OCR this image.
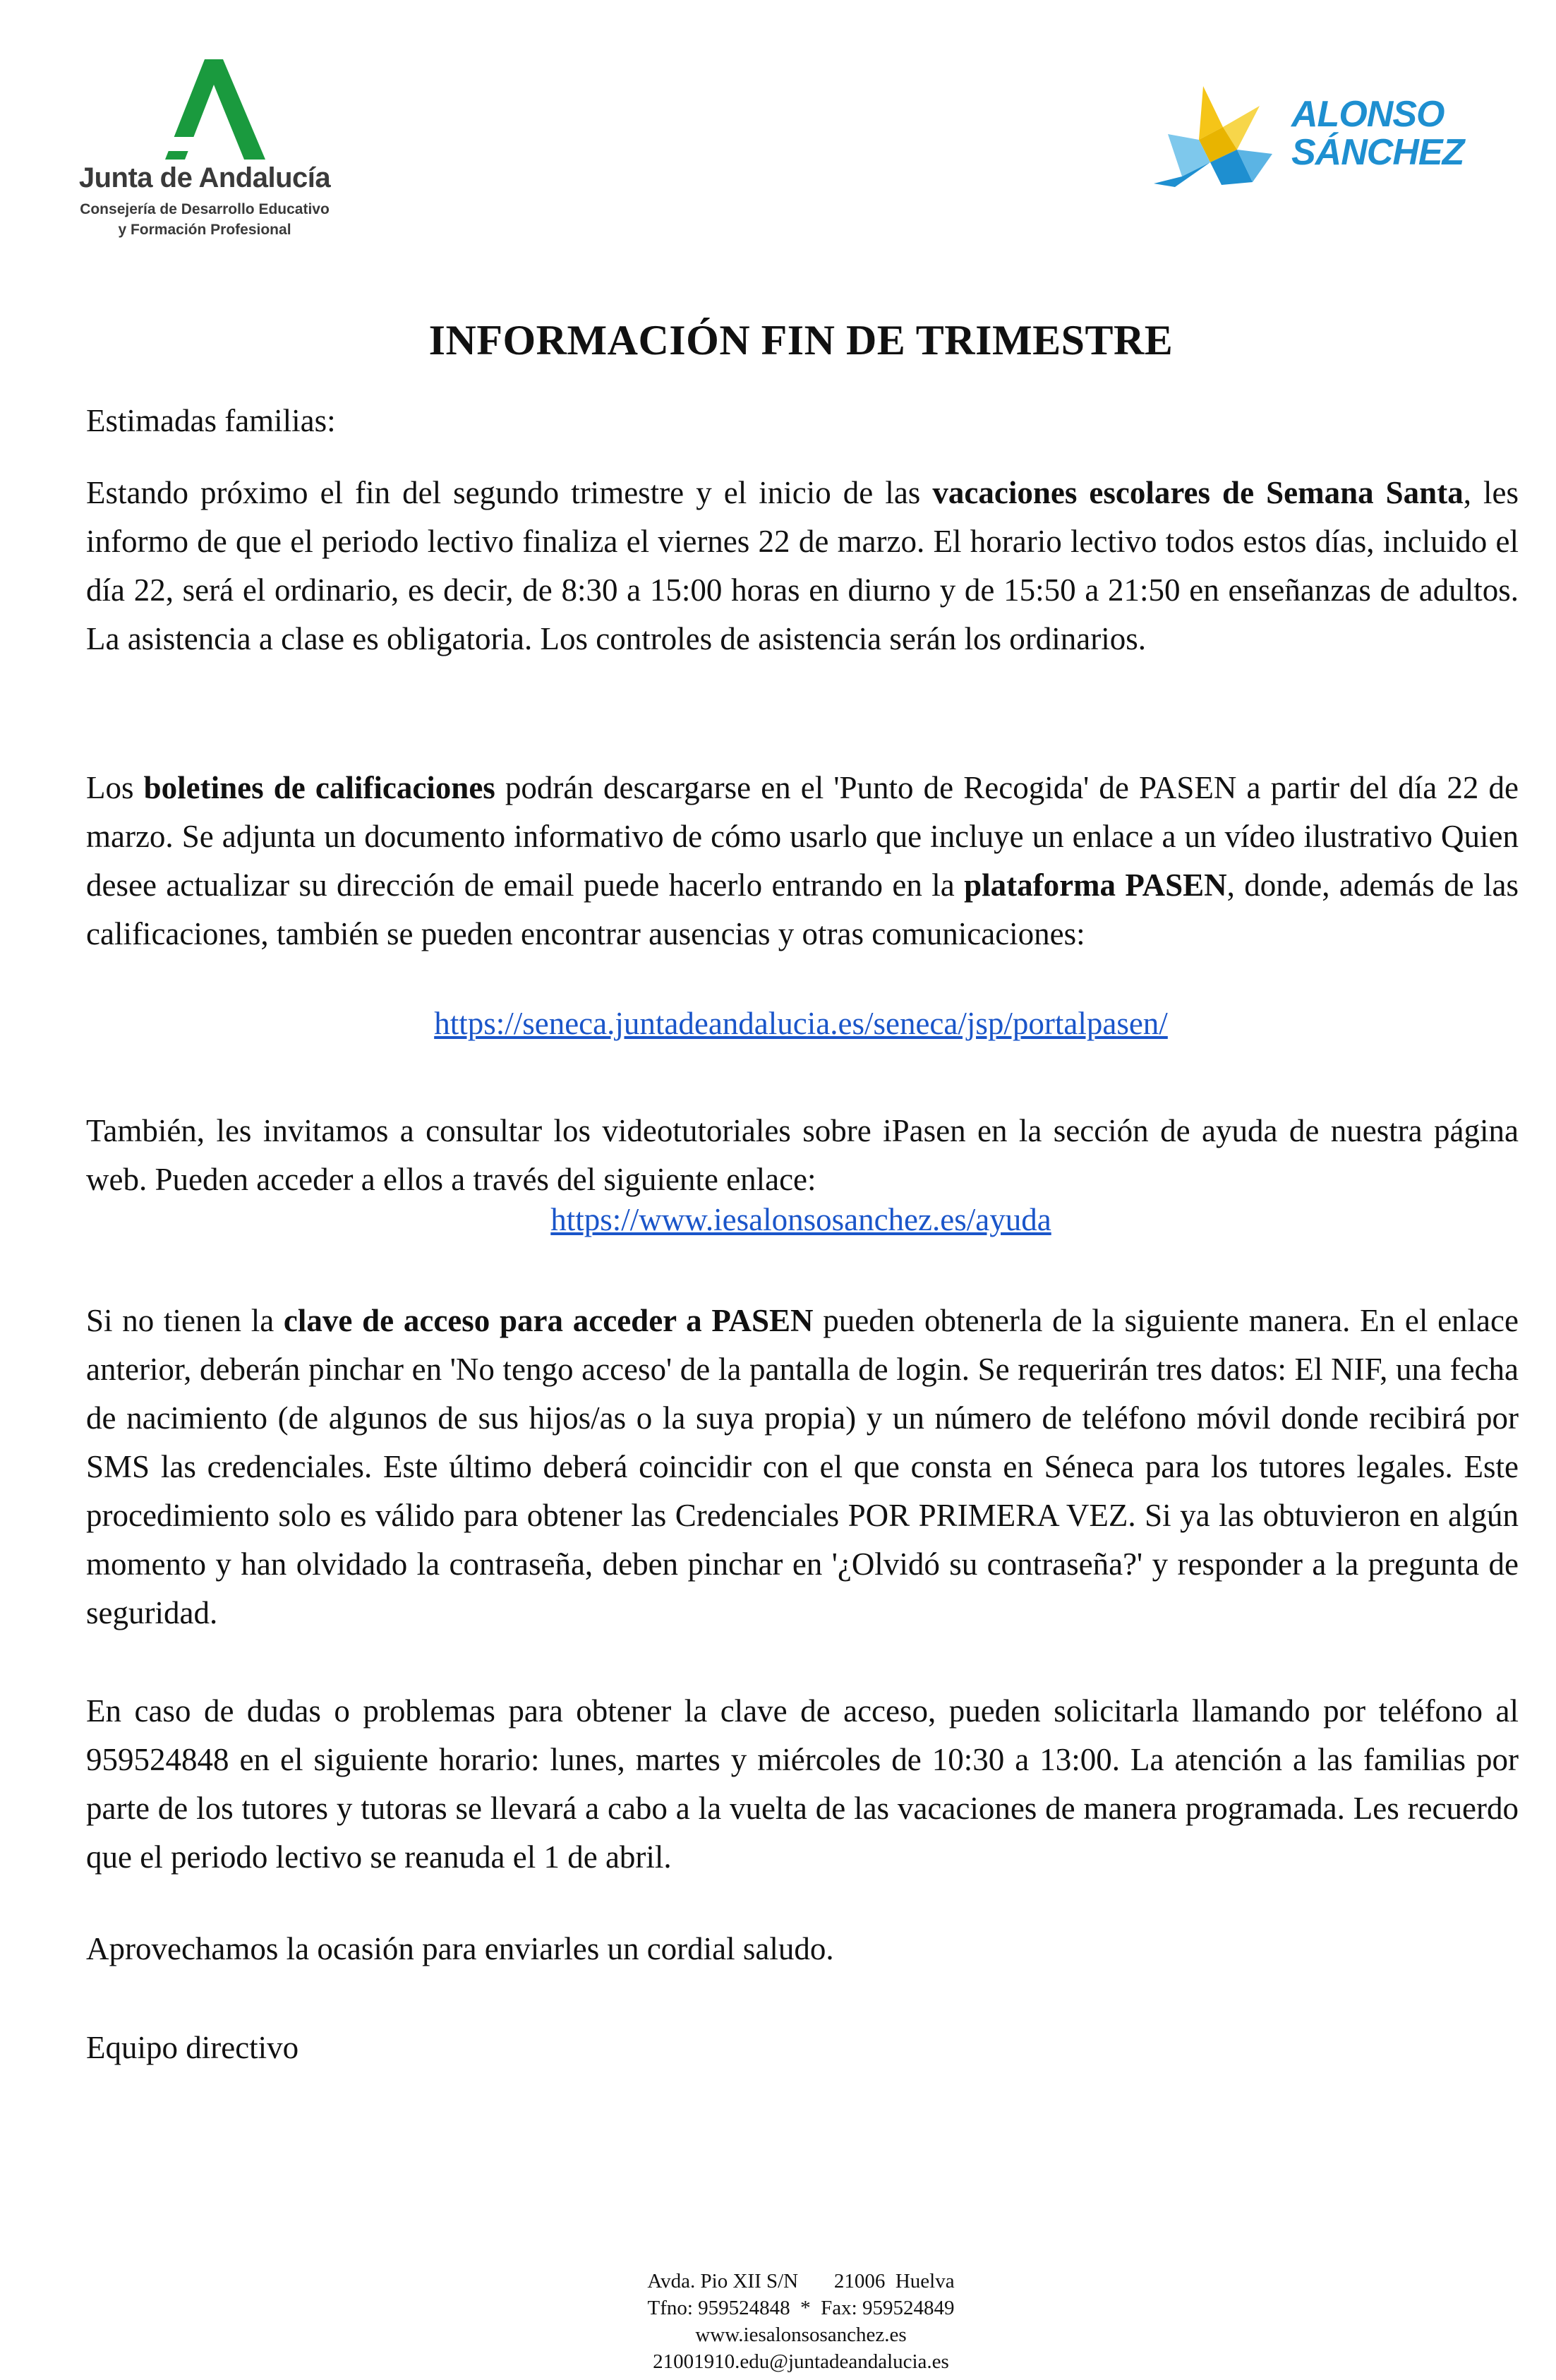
Junta de Andalucía
Consejería de Desarrollo Educativo
y Formación Profesional
ALONSO
SÁNCHEZ
INFORMACIÓN FIN DE TRIMESTRE
Estimadas familias:
Estando próximo el fin del segundo trimestre y el inicio de las vacaciones escolares de Semana Santa, les informo de que el periodo lectivo finaliza el viernes 22 de marzo. El horario lectivo todos estos días, incluido el día 22, será el ordinario, es decir, de 8:30 a 15:00 horas en diurno y de 15:50 a 21:50 en enseñanzas de adultos. La asistencia a clase es obligatoria. Los controles de asistencia serán los ordinarios.
Los boletines de calificaciones podrán descargarse en el 'Punto de Recogida' de PASEN a partir del día 22 de marzo. Se adjunta un documento informativo de cómo usarlo que incluye un enlace a un vídeo ilustrativo Quien desee actualizar su dirección de email puede hacerlo entrando en la plataforma PASEN, donde, además de las calificaciones, también se pueden encontrar ausencias y otras comunicaciones:
https://seneca.juntadeandalucia.es/seneca/jsp/portalpasen/
También, les invitamos a consultar los videotutoriales sobre iPasen en la sección de ayuda de nuestra página web. Pueden acceder a ellos a través del siguiente enlace:
https://www.iesalonsosanchez.es/ayuda
Si no tienen la clave de acceso para acceder a PASEN pueden obtenerla de la siguiente manera. En el enlace anterior, deberán pinchar en 'No tengo acceso' de la pantalla de login. Se requerirán tres datos: El NIF, una fecha de nacimiento (de algunos de sus hijos/as o la suya propia) y un número de teléfono móvil donde recibirá por SMS las credenciales. Este último deberá coincidir con el que consta en Séneca para los tutores legales. Este procedimiento solo es válido para obtener las Credenciales POR PRIMERA VEZ. Si ya las obtuvieron en algún momento y han olvidado la contraseña, deben pinchar en '¿Olvidó su contraseña?' y responder a la pregunta de seguridad.
En caso de dudas o problemas para obtener la clave de acceso, pueden solicitarla llamando por teléfono al 959524848 en el siguiente horario: lunes, martes y miércoles de 10:30 a 13:00. La atención a las familias por parte de los tutores y tutoras se llevará a cabo a la vuelta de las vacaciones de manera programada. Les recuerdo que el periodo lectivo se reanuda el 1 de abril.
Aprovechamos la ocasión para enviarles un cordial saludo.
Equipo directivo
Avda. Pio XII S/N       21006  Huelva
Tfno: 959524848  *  Fax: 959524849
www.iesalonsosanchez.es
21001910.edu@juntadeandalucia.es
